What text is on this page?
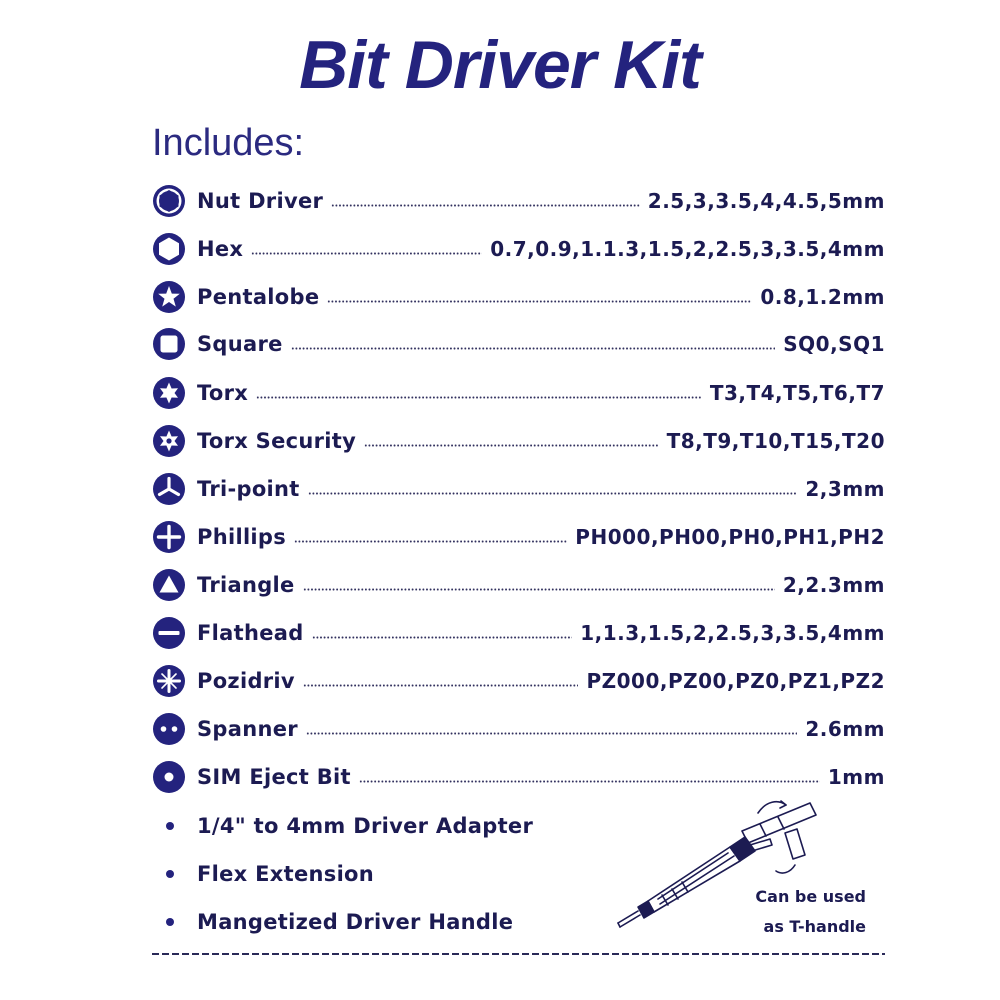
Bit Driver Kit
Includes:
Nut Driver	2.5,3,3.5,4,4.5,5mm
Hex	0.7,0.9,1.1.3,1.5,2,2.5,3,3.5,4mm
Pentalobe	0.8,1.2mm
Square	SQ0,SQ1
Torx	T3,T4,T5,T6,T7
Torx Security	T8,T9,T10,T15,T20
Tri-point	2,3mm
Phillips	PH000,PH00,PH0,PH1,PH2
Triangle	2,2.3mm
Flathead	1,1.3,1.5,2,2.5,3,3.5,4mm
Pozidriv	PZ000,PZ00,PZ0,PZ1,PZ2
Spanner	2.6mm
SIM Eject Bit	1mm
1/4" to 4mm Driver Adapter
Flex Extension
Mangetized Driver Handle
Can be used
as T-handle
